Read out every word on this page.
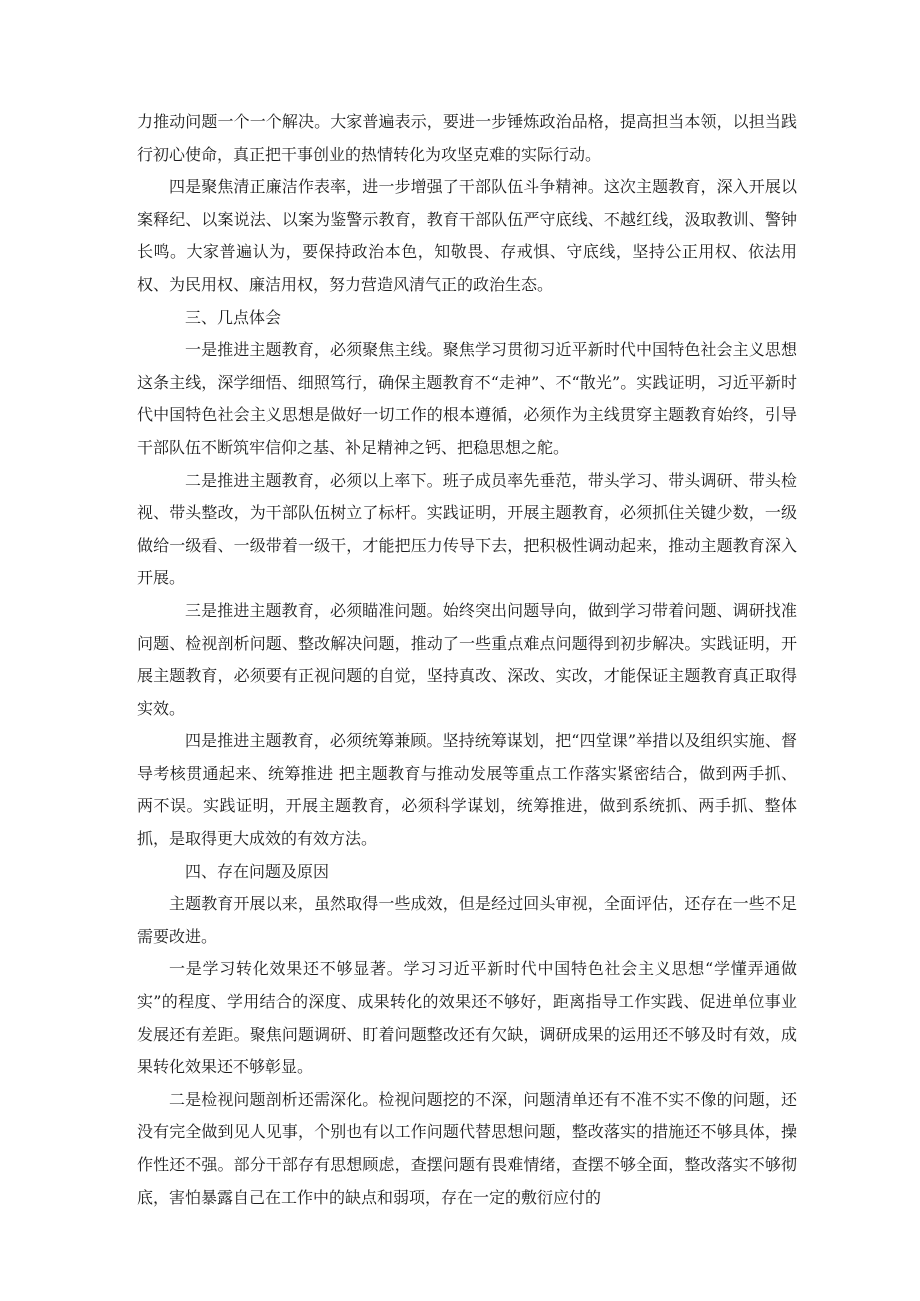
力推动问题一个一个解决。大家普遍表示，要进一步锤炼政治品格，提高担当本领，以担当践行初心使命，真正把干事创业的热情转化为攻坚克难的实际行动。

四是聚焦清正廉洁作表率，进一步增强了干部队伍斗争精神。这次主题教育，深入开展以案释纪、以案说法、以案为鉴警示教育，教育干部队伍严守底线、不越红线，汲取教训、警钟长鸣。大家普遍认为，要保持政治本色，知敬畏、存戒惧、守底线，坚持公正用权、依法用权、为民用权、廉洁用权，努力营造风清气正的政治生态。

三、几点体会

一是推进主题教育，必须聚焦主线。聚焦学习贯彻习近平新时代中国特色社会主义思想这条主线，深学细悟、细照笃行，确保主题教育不“走神”、不“散光”。实践证明，习近平新时代中国特色社会主义思想是做好一切工作的根本遵循，必须作为主线贯穿主题教育始终，引导干部队伍不断筑牢信仰之基、补足精神之钙、把稳思想之舵。

二是推进主题教育，必须以上率下。班子成员率先垂范，带头学习、带头调研、带头检视、带头整改，为干部队伍树立了标杆。实践证明，开展主题教育，必须抓住关键少数，一级做给一级看、一级带着一级干，才能把压力传导下去，把积极性调动起来，推动主题教育深入开展。

三是推进主题教育，必须瞄准问题。始终突出问题导向，做到学习带着问题、调研找准问题、检视剖析问题、整改解决问题，推动了一些重点难点问题得到初步解决。实践证明，开展主题教育，必须要有正视问题的自觉，坚持真改、深改、实改，才能保证主题教育真正取得实效。

四是推进主题教育，必须统筹兼顾。坚持统筹谋划，把“四堂课”举措以及组织实施、督导考核贯通起来、统筹推进 把主题教育与推动发展等重点工作落实紧密结合，做到两手抓、两不误。实践证明，开展主题教育，必须科学谋划，统筹推进，做到系统抓、两手抓、整体抓，是取得更大成效的有效方法。

四、存在问题及原因

主题教育开展以来，虽然取得一些成效，但是经过回头审视，全面评估，还存在一些不足需要改进。

一是学习转化效果还不够显著。学习习近平新时代中国特色社会主义思想“学懂弄通做实”的程度、学用结合的深度、成果转化的效果还不够好，距离指导工作实践、促进单位事业发展还有差距。聚焦问题调研、盯着问题整改还有欠缺，调研成果的运用还不够及时有效，成果转化效果还不够彰显。

二是检视问题剖析还需深化。检视问题挖的不深，问题清单还有不准不实不像的问题，还没有完全做到见人见事，个别也有以工作问题代替思想问题，整改落实的措施还不够具体，操作性还不强。部分干部存有思想顾虑，查摆问题有畏难情绪，查摆不够全面，整改落实不够彻底，害怕暴露自己在工作中的缺点和弱项，存在一定的敷衍应付的
